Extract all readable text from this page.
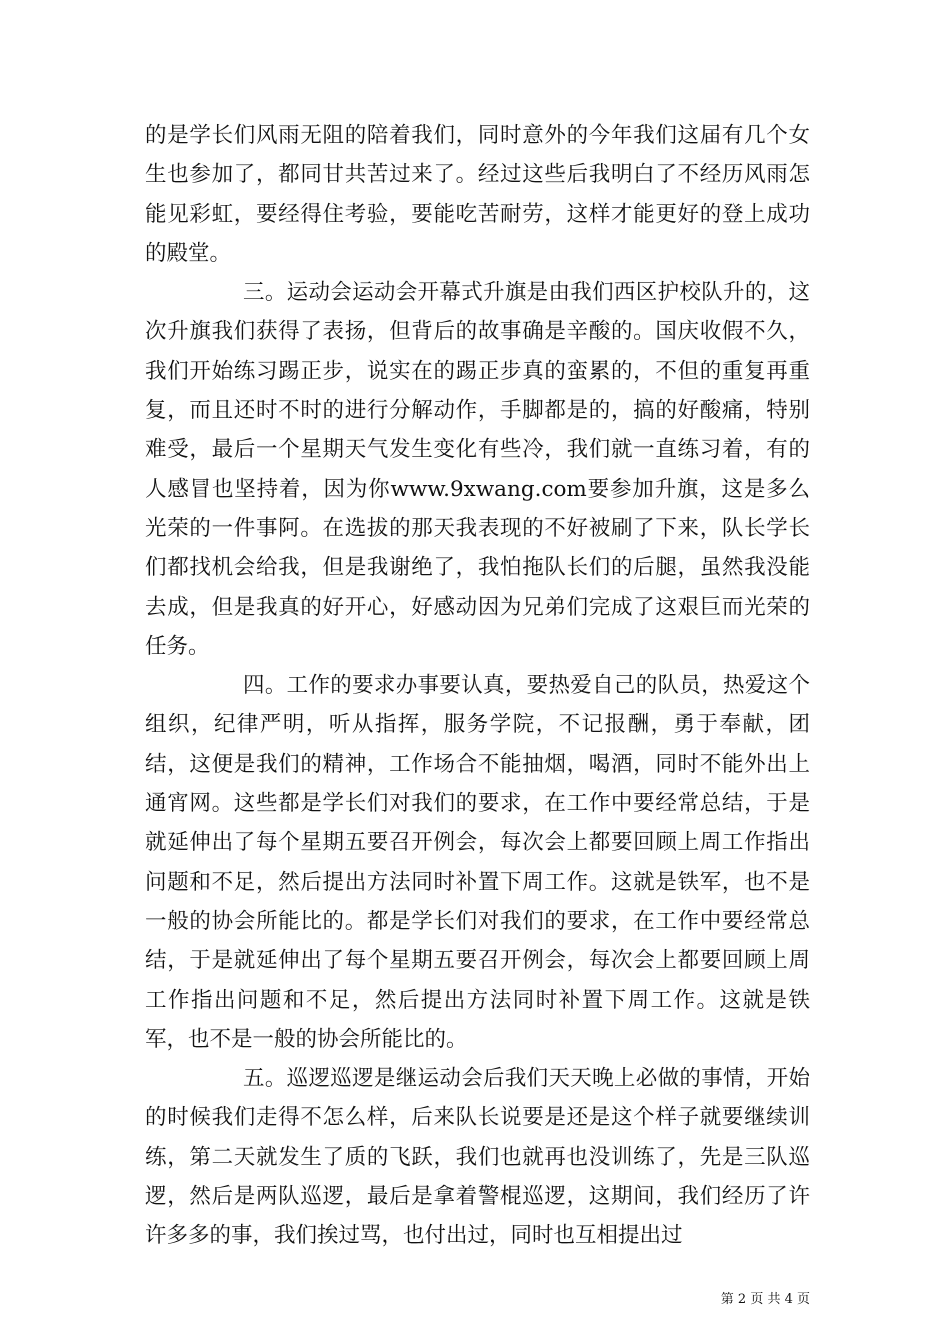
的是学长们风雨无阻的陪着我们，同时意外的今年我们这届有几个女生也参加了，都同甘共苦过来了。经过这些后我明白了不经历风雨怎能见彩虹，要经得住考验，要能吃苦耐劳，这样才能更好的登上成功的殿堂。

三。运动会运动会开幕式升旗是由我们西区护校队升的，这次升旗我们获得了表扬，但背后的故事确是辛酸的。国庆收假不久，我们开始练习踢正步，说实在的踢正步真的蛮累的，不但的重复再重复，而且还时不时的进行分解动作，手脚都是的，搞的好酸痛，特别难受，最后一个星期天气发生变化有些冷，我们就一直练习着，有的人感冒也坚持着，因为你www.9xwang.com要参加升旗，这是多么光荣的一件事阿。在选拔的那天我表现的不好被刷了下来，队长学长们都找机会给我，但是我谢绝了，我怕拖队长们的后腿，虽然我没能去成，但是我真的好开心，好感动因为兄弟们完成了这艰巨而光荣的任务。

四。工作的要求办事要认真，要热爱自己的队员，热爱这个组织，纪律严明，听从指挥，服务学院，不记报酬，勇于奉献，团结，这便是我们的精神，工作场合不能抽烟，喝酒，同时不能外出上通宵网。这些都是学长们对我们的要求，在工作中要经常总结，于是就延伸出了每个星期五要召开例会，每次会上都要回顾上周工作指出问题和不足，然后提出方法同时补置下周工作。这就是铁军，也不是一般的协会所能比的。都是学长们对我们的要求，在工作中要经常总结，于是就延伸出了每个星期五要召开例会，每次会上都要回顾上周工作指出问题和不足，然后提出方法同时补置下周工作。这就是铁军，也不是一般的协会所能比的。

五。巡逻巡逻是继运动会后我们天天晚上必做的事情，开始的时候我们走得不怎么样，后来队长说要是还是这个样子就要继续训练，第二天就发生了质的飞跃，我们也就再也没训练了，先是三队巡逻，然后是两队巡逻，最后是拿着警棍巡逻，这期间，我们经历了许许多多的事，我们挨过骂，也付出过，同时也互相提出过

第 2 页 共 4 页
